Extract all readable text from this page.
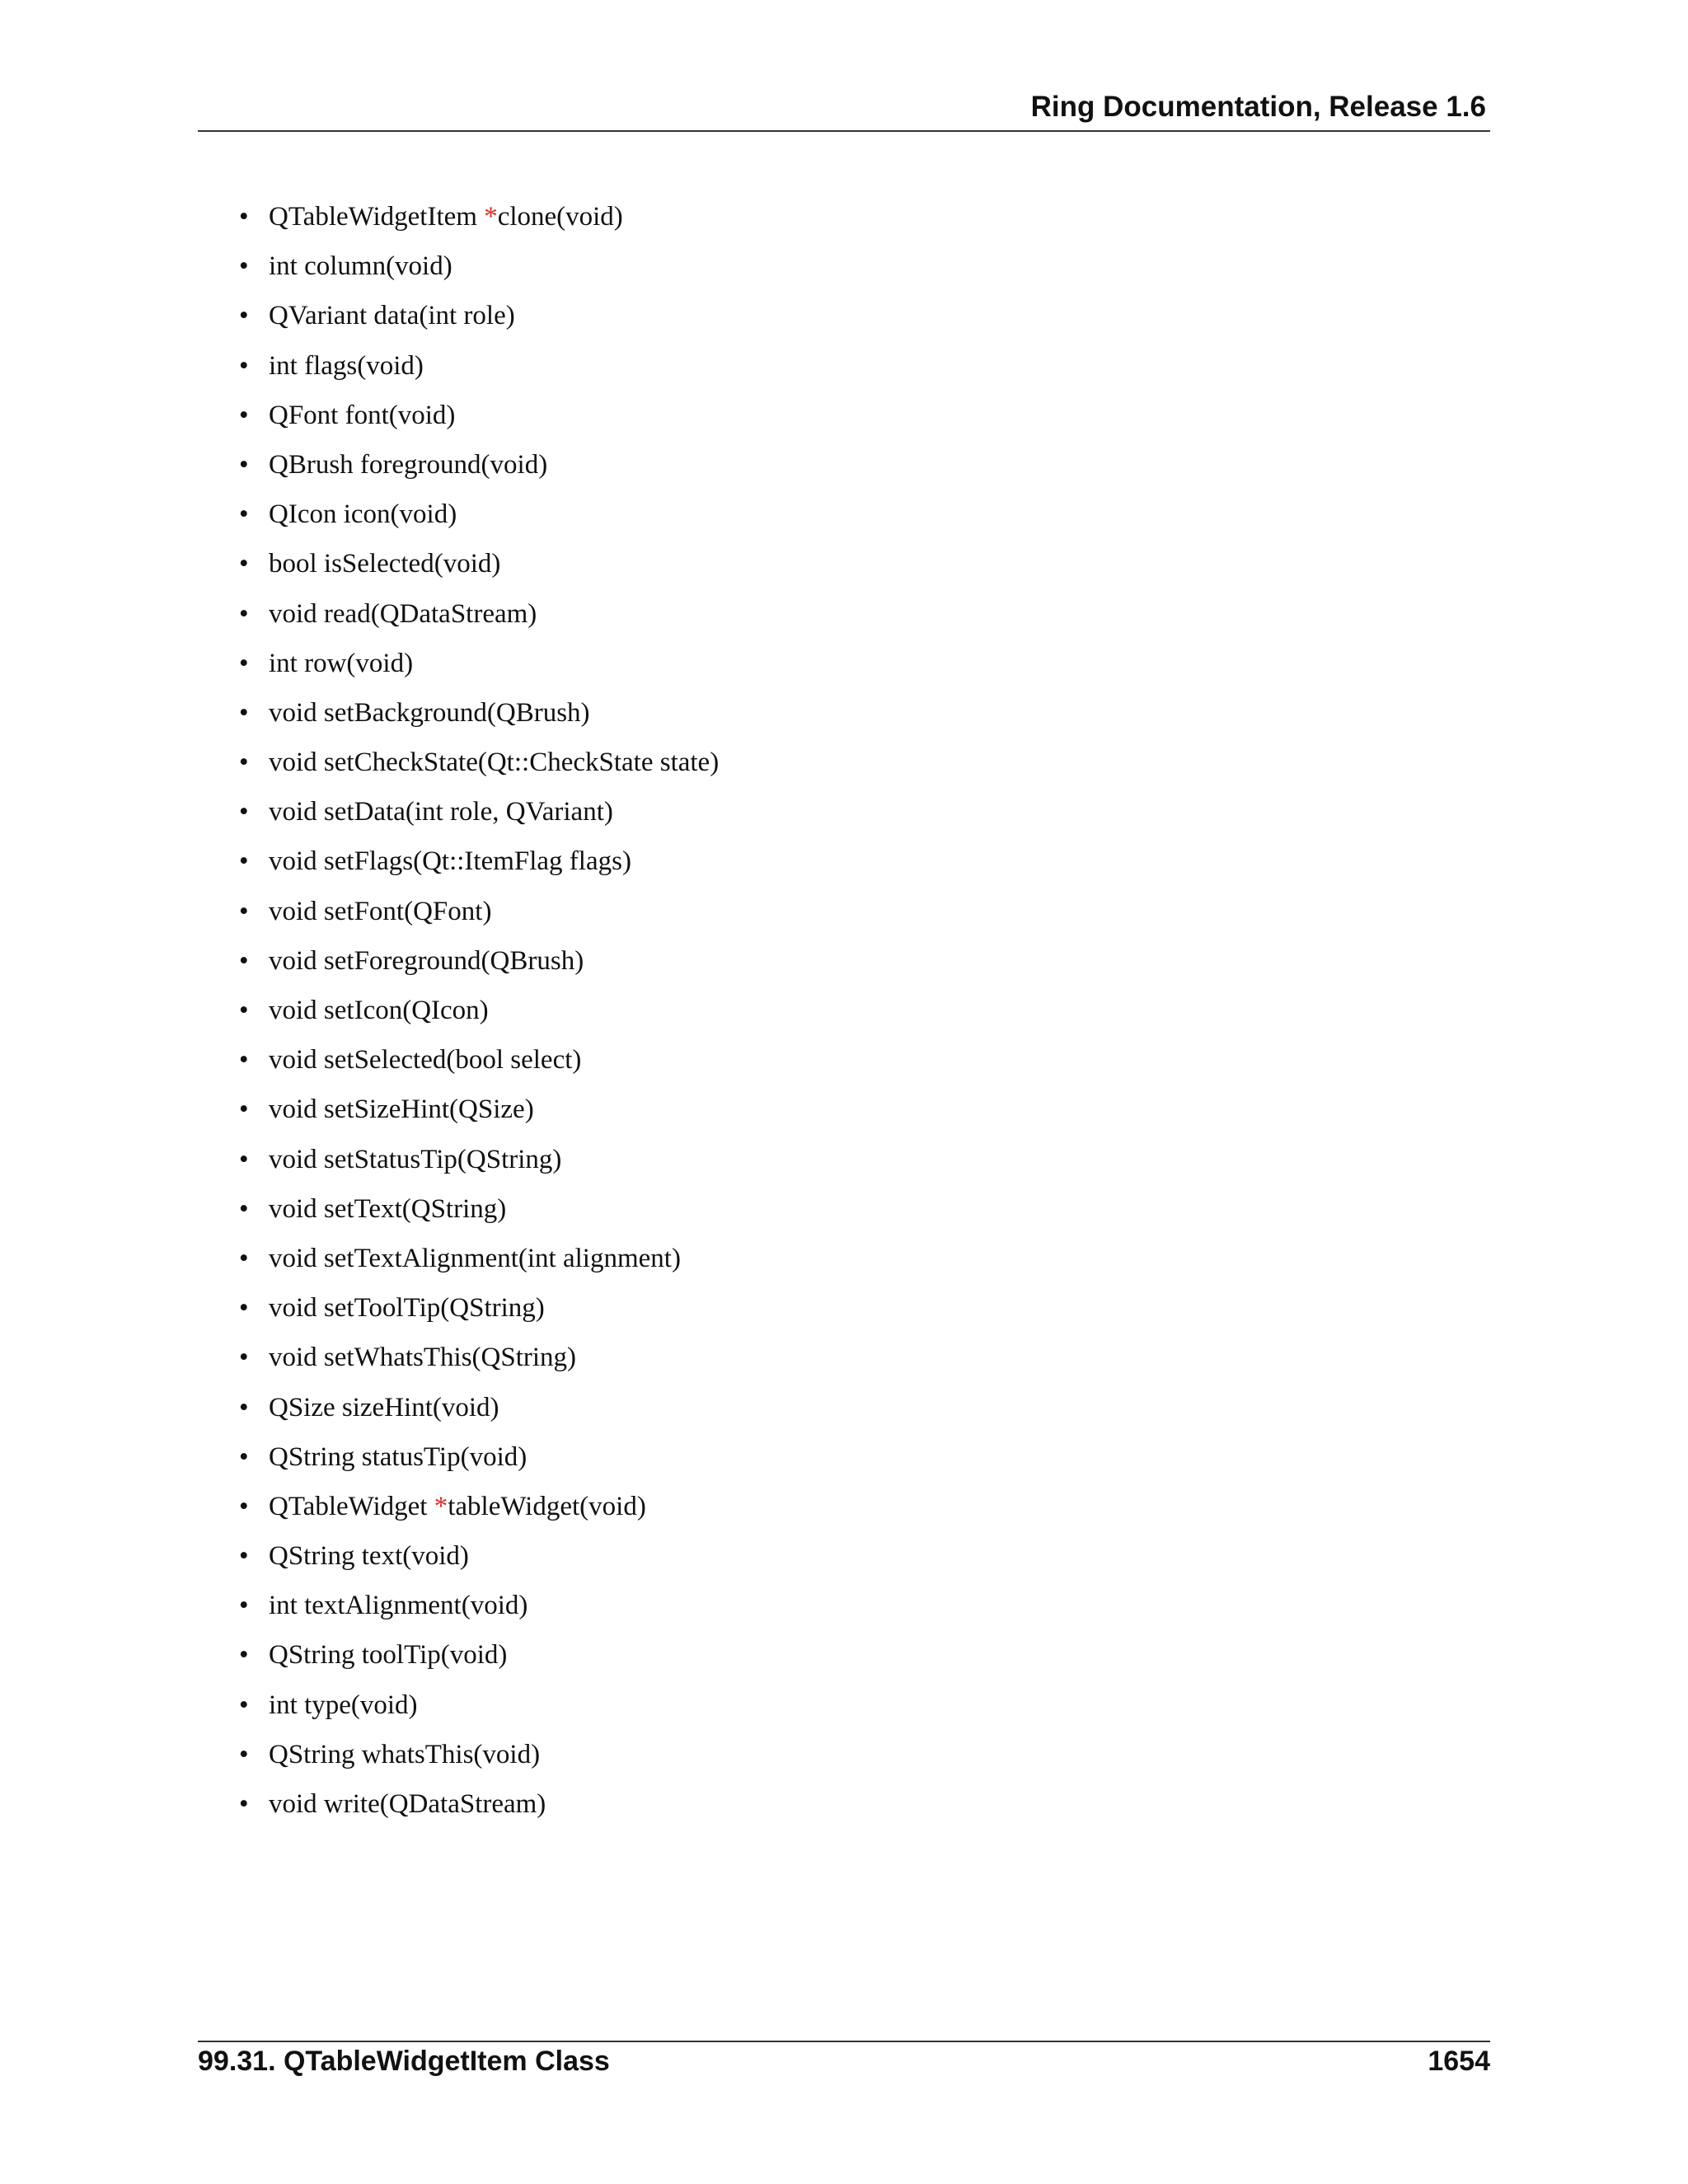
Ring Documentation, Release 1.6
• QTableWidgetItem *clone(void)
• int column(void)
• QVariant data(int role)
• int flags(void)
• QFont font(void)
• QBrush foreground(void)
• QIcon icon(void)
• bool isSelected(void)
• void read(QDataStream)
• int row(void)
• void setBackground(QBrush)
• void setCheckState(Qt::CheckState state)
• void setData(int role, QVariant)
• void setFlags(Qt::ItemFlag flags)
• void setFont(QFont)
• void setForeground(QBrush)
• void setIcon(QIcon)
• void setSelected(bool select)
• void setSizeHint(QSize)
• void setStatusTip(QString)
• void setText(QString)
• void setTextAlignment(int alignment)
• void setToolTip(QString)
• void setWhatsThis(QString)
• QSize sizeHint(void)
• QString statusTip(void)
• QTableWidget *tableWidget(void)
• QString text(void)
• int textAlignment(void)
• QString toolTip(void)
• int type(void)
• QString whatsThis(void)
• void write(QDataStream)
99.31. QTableWidgetItem Class	1654
